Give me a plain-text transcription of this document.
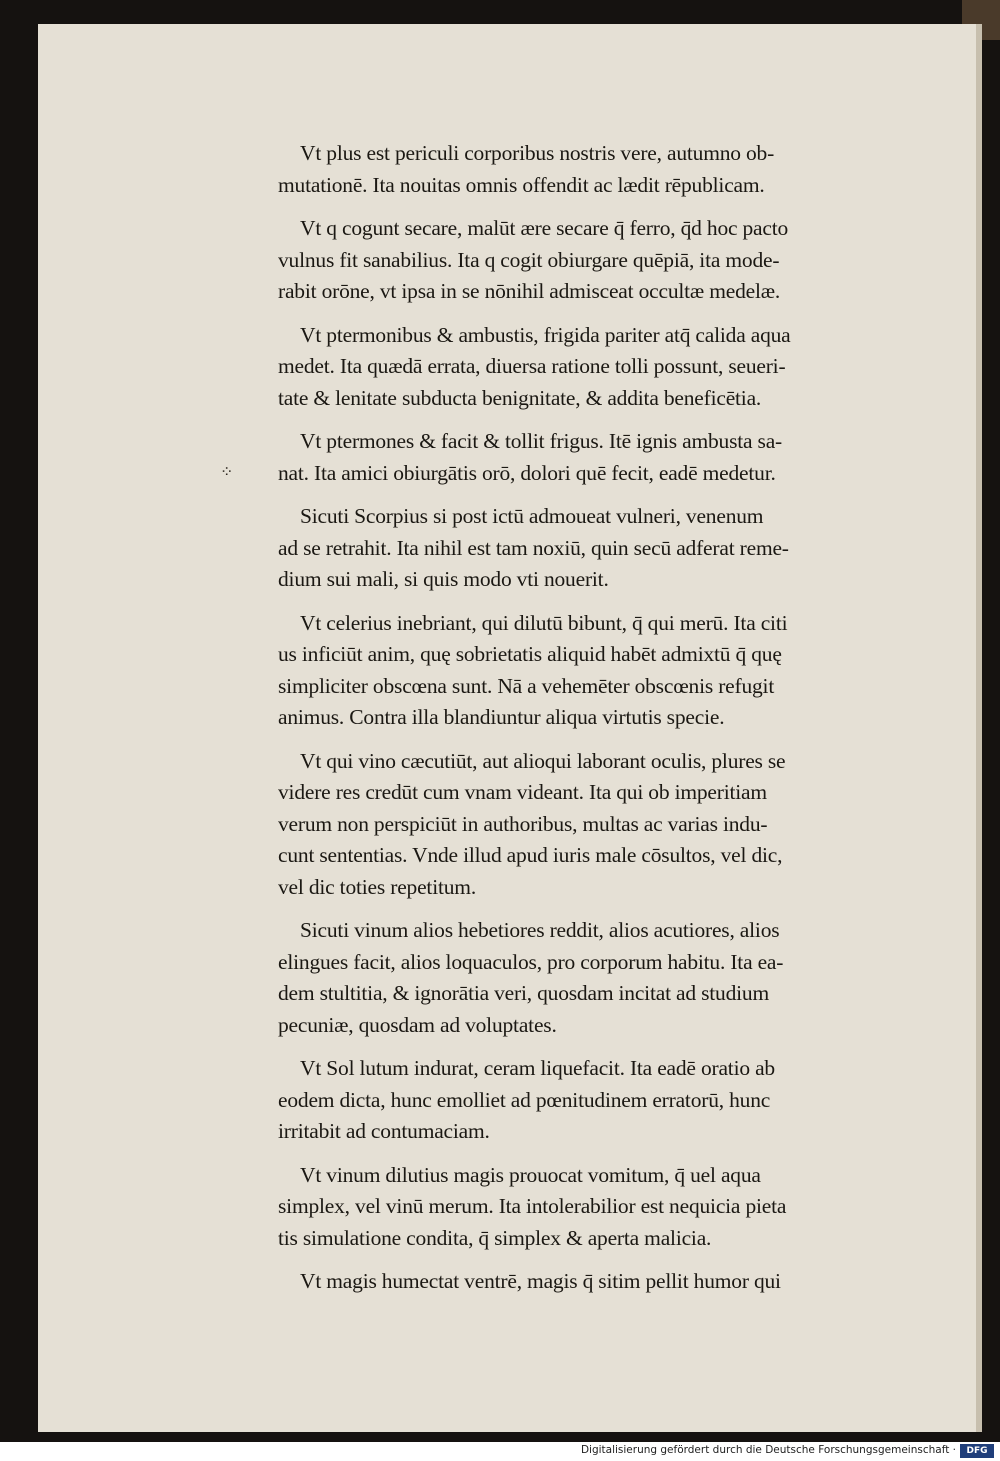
⁘
Vt plus est periculi corporibus nostris vere, autumno ob-
mutationē. Ita nouitas omnis offendit ac lædit rēpublicam.
Vt q cogunt secare, malūt ære secare q̄ ferro, q̄d hoc pacto
vulnus fit sanabilius. Ita q cogit obiurgare quēpiā, ita mode-
rabit orōne, vt ipsa in se nōnihil admisceat occultæ medelæ.
Vt ptermonibus & ambustis, frigida pariter atq̄ calida aqua
medet. Ita quædā errata, diuersa ratione tolli possunt, seueri-
tate & lenitate subducta benignitate, & addita beneficētia.
Vt ptermones & facit & tollit frigus. Itē ignis ambusta sa-
nat. Ita amici obiurgātis orō, dolori quē fecit, eadē medetur.
Sicuti Scorpius si post ictū admoueat vulneri, venenum
ad se retrahit. Ita nihil est tam noxiū, quin secū adferat reme-
dium sui mali, si quis modo vti nouerit.
Vt celerius inebriant, qui dilutū bibunt, q̄ qui merū. Ita citi
us inficiūt anim, quę sobrietatis aliquid habēt admixtū q̄ quę
simpliciter obscœna sunt. Nā a vehemēter obscœnis refugit
animus. Contra illa blandiuntur aliqua virtutis specie.
Vt qui vino cæcutiūt, aut alioqui laborant oculis, plures se
videre res credūt cum vnam videant. Ita qui ob imperitiam
verum non perspiciūt in authoribus, multas ac varias indu-
cunt sententias. Vnde illud apud iuris male cōsultos, vel dic,
vel dic toties repetitum.
Sicuti vinum alios hebetiores reddit, alios acutiores, alios
elingues facit, alios loquaculos, pro corporum habitu. Ita ea-
dem stultitia, & ignorātia veri, quosdam incitat ad studium
pecuniæ, quosdam ad voluptates.
Vt Sol lutum indurat, ceram liquefacit. Ita eadē oratio ab
eodem dicta, hunc emolliet ad pœnitudinem erratorū, hunc
irritabit ad contumaciam.
Vt vinum dilutius magis prouocat vomitum, q̄ uel aqua
simplex, vel vinū merum. Ita intolerabilior est nequicia pieta
tis simulatione condita, q̄ simplex & aperta malicia.
Vt magis humectat ventrē, magis q̄ sitim pellit humor qui
Digitalisierung gefördert durch die Deutsche Forschungsgemeinschaft ·	DFG
